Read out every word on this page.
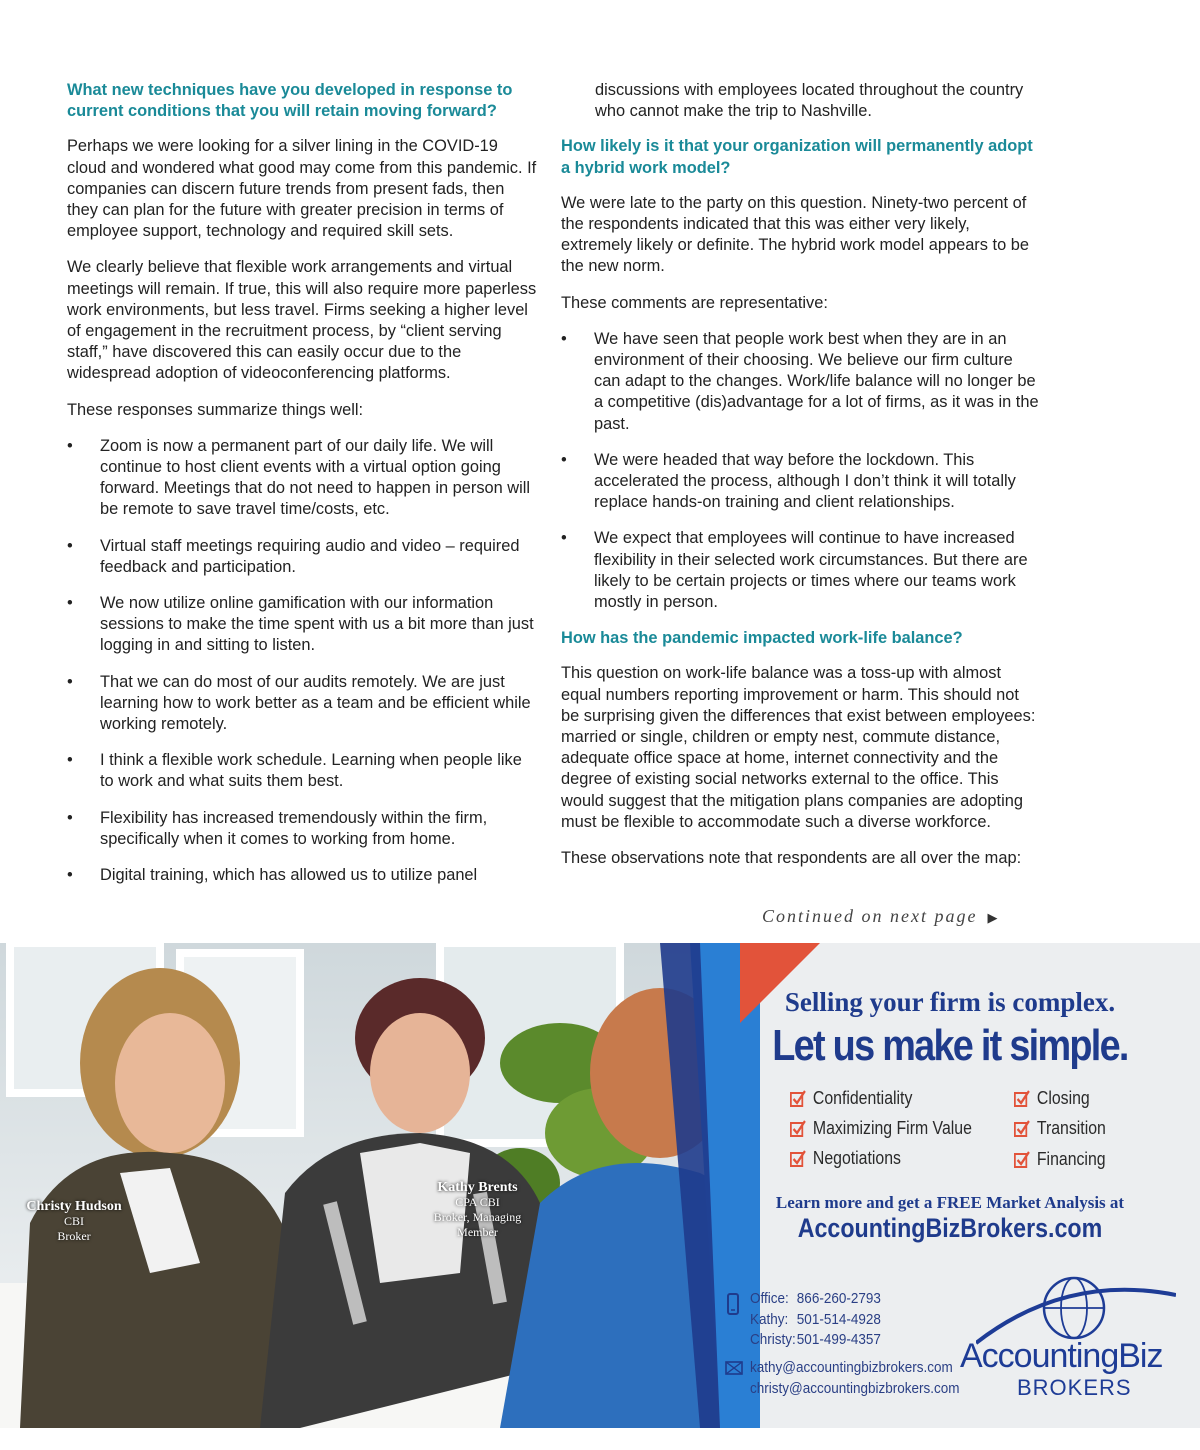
What new techniques have you developed in response to current conditions that you will retain moving forward?

Perhaps we were looking for a silver lining in the COVID-19 cloud and wondered what good may come from this pandemic. If companies can discern future trends from present fads, then they can plan for the future with greater precision in terms of employee support, technology and required skill sets.

We clearly believe that flexible work arrangements and virtual meetings will remain. If true, this will also require more paperless work environments, but less travel. Firms seeking a higher level of engagement in the recruitment process, by “client serving staff,” have discovered this can easily occur due to the widespread adoption of videoconferencing platforms.

These responses summarize things well:

• Zoom is now a permanent part of our daily life. We will continue to host client events with a virtual option going forward. Meetings that do not need to happen in person will be remote to save travel time/costs, etc.
• Virtual staff meetings requiring audio and video – required feedback and participation.
• We now utilize online gamification with our information sessions to make the time spent with us a bit more than just logging in and sitting to listen.
• That we can do most of our audits remotely. We are just learning how to work better as a team and be efficient while working remotely.
• I think a flexible work schedule. Learning when people like to work and what suits them best.
• Flexibility has increased tremendously within the firm, specifically when it comes to working from home.
• Digital training, which has allowed us to utilize panel

discussions with employees located throughout the country who cannot make the trip to Nashville.

How likely is it that your organization will permanently adopt a hybrid work model?

We were late to the party on this question. Ninety-two percent of the respondents indicated that this was either very likely, extremely likely or definite. The hybrid work model appears to be the new norm.

These comments are representative:

• We have seen that people work best when they are in an environment of their choosing. We believe our firm culture can adapt to the changes. Work/life balance will no longer be a competitive (dis)advantage for a lot of firms, as it was in the past.
• We were headed that way before the lockdown. This accelerated the process, although I don’t think it will totally replace hands-on training and client relationships.
• We expect that employees will continue to have increased flexibility in their selected work circumstances. But there are likely to be certain projects or times where our teams work mostly in person.
How has the pandemic impacted work-life balance?

This question on work-life balance was a toss-up with almost equal numbers reporting improvement or harm. This should not be surprising given the differences that exist between employees: married or single, children or empty nest, commute distance, adequate office space at home, internet connectivity and the degree of existing social networks external to the office. This would suggest that the mitigation plans companies are adopting must be flexible to accommodate such a diverse workforce.

These observations note that respondents are all over the map:

Continued on next page ▶
Christy Hudson
CBI
Broker
Kathy Brents
CPA CBI
Broker, Managing
Member
Selling your firm is complex.
Let us make it simple.
Confidentiality
Maximizing Firm Value
Negotiations
Closing
Transition
Financing
Learn more and get a FREE Market Analysis at
AccountingBizBrokers.com
Office: 866-260-2793
Kathy: 501-514-4928
Christy:501-499-4357
kathy@accountingbizbrokers.com
christy@accountingbizbrokers.com
AccountingBiz
BROKERS
